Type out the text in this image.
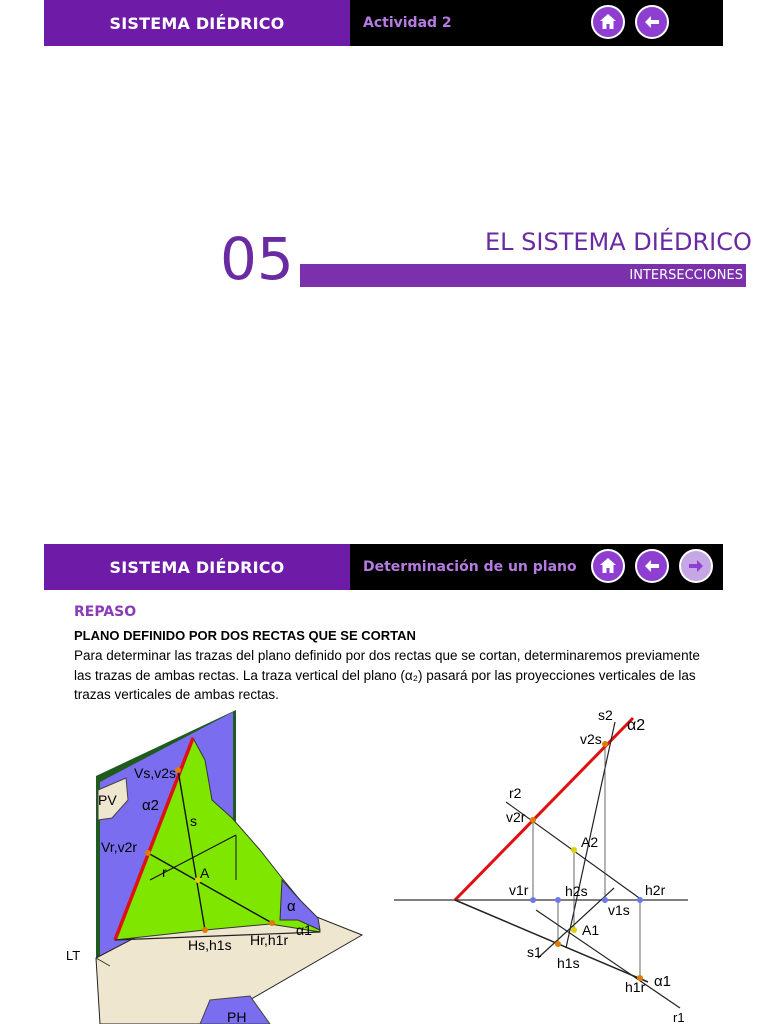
SISTEMA DIÉDRICO	Actividad 2
05	EL SISTEMA DIÉDRICO
INTERSECCIONES
SISTEMA DIÉDRICO	Determinación de un plano
REPASO
PLANO DEFINIDO POR DOS RECTAS QUE SE CORTAN
Para determinar las trazas del plano definido por dos rectas que se cortan, determinaremos previamente las trazas de ambas rectas. La traza vertical del plano (α₂) pasará por las proyecciones verticales de las trazas verticales de ambas rectas.
PV
PH
LT
Vs,v2s
Vr,v2r
α2
s
r A
α
α1
Hs,h1s Hr,h1r
s2
α2
v2s
r2
v2r
A2
v1r	h2s	h2r
v1s
A1
s1
h1s
h1r α1
r1
